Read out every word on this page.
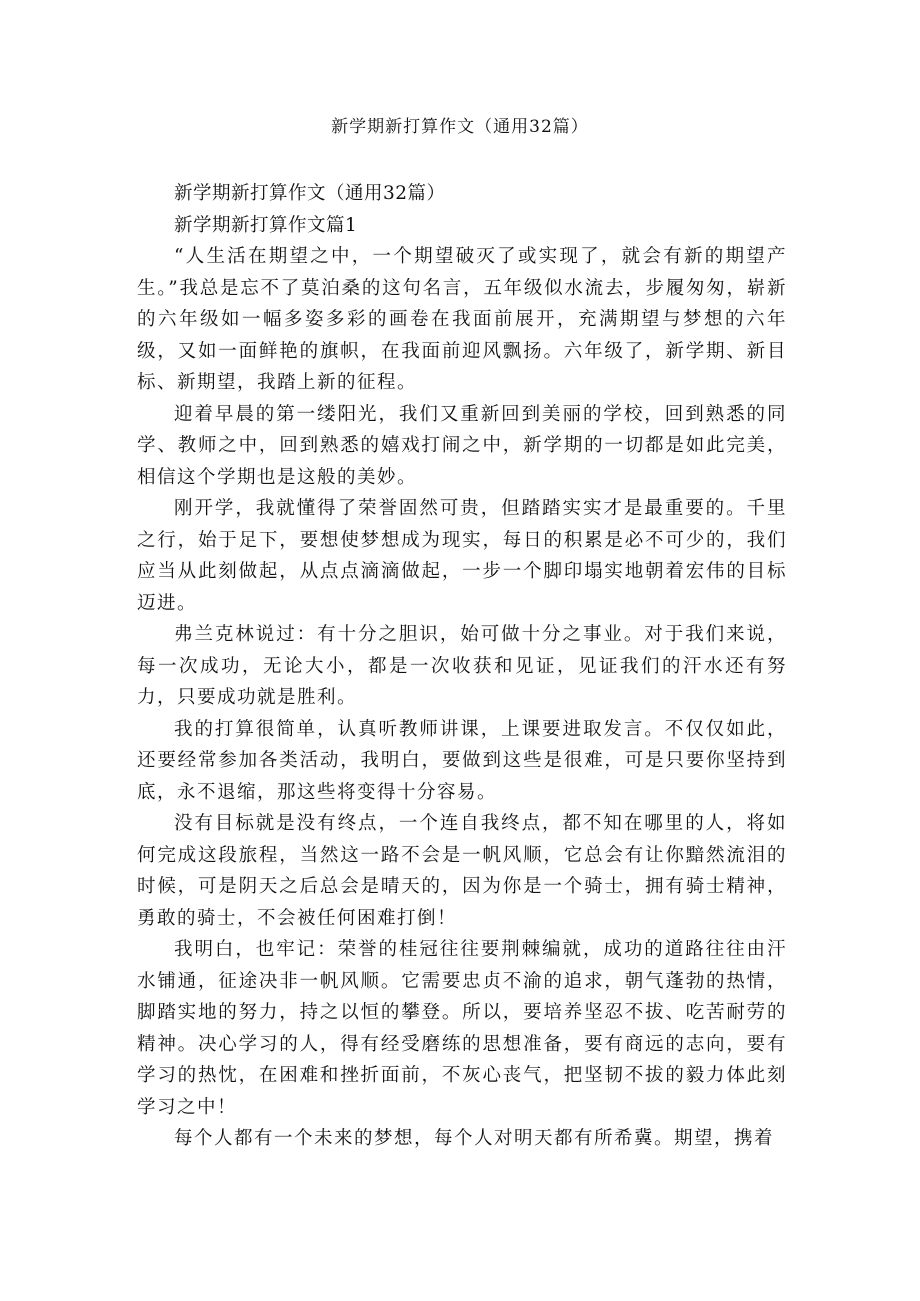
新学期新打算作文（通用32篇）

新学期新打算作文（通用32篇）

新学期新打算作文篇1

“人生活在期望之中，一个期望破灭了或实现了，就会有新的期望产生。”我总是忘不了莫泊桑的这句名言，五年级似水流去，步履匆匆，崭新的六年级如一幅多姿多彩的画卷在我面前展开，充满期望与梦想的六年级，又如一面鲜艳的旗帜，在我面前迎风飘扬。六年级了，新学期、新目标、新期望，我踏上新的征程。

迎着早晨的第一缕阳光，我们又重新回到美丽的学校，回到熟悉的同学、教师之中，回到熟悉的嬉戏打闹之中，新学期的一切都是如此完美，相信这个学期也是这般的美妙。

刚开学，我就懂得了荣誉固然可贵，但踏踏实实才是最重要的。千里之行，始于足下，要想使梦想成为现实，每日的积累是必不可少的，我们应当从此刻做起，从点点滴滴做起，一步一个脚印塌实地朝着宏伟的目标迈进。

弗兰克林说过：有十分之胆识，始可做十分之事业。对于我们来说，每一次成功，无论大小，都是一次收获和见证，见证我们的汗水还有努力，只要成功就是胜利。

我的打算很简单，认真听教师讲课，上课要进取发言。不仅仅如此，还要经常参加各类活动，我明白，要做到这些是很难，可是只要你坚持到底，永不退缩，那这些将变得十分容易。

没有目标就是没有终点，一个连自我终点，都不知在哪里的人，将如何完成这段旅程，当然这一路不会是一帆风顺，它总会有让你黯然流泪的时候，可是阴天之后总会是晴天的，因为你是一个骑士，拥有骑士精神，勇敢的骑士，不会被任何困难打倒！

我明白，也牢记：荣誉的桂冠往往要荆棘编就，成功的道路往往由汗水铺通，征途决非一帆风顺。它需要忠贞不渝的追求，朝气蓬勃的热情，脚踏实地的努力，持之以恒的攀登。所以，要培养坚忍不拔、吃苦耐劳的精神。决心学习的人，得有经受磨练的思想准备，要有商远的志向，要有学习的热忱，在困难和挫折面前，不灰心丧气，把坚韧不拔的毅力体此刻学习之中！

每个人都有一个未来的梦想，每个人对明天都有所希冀。期望，携着
